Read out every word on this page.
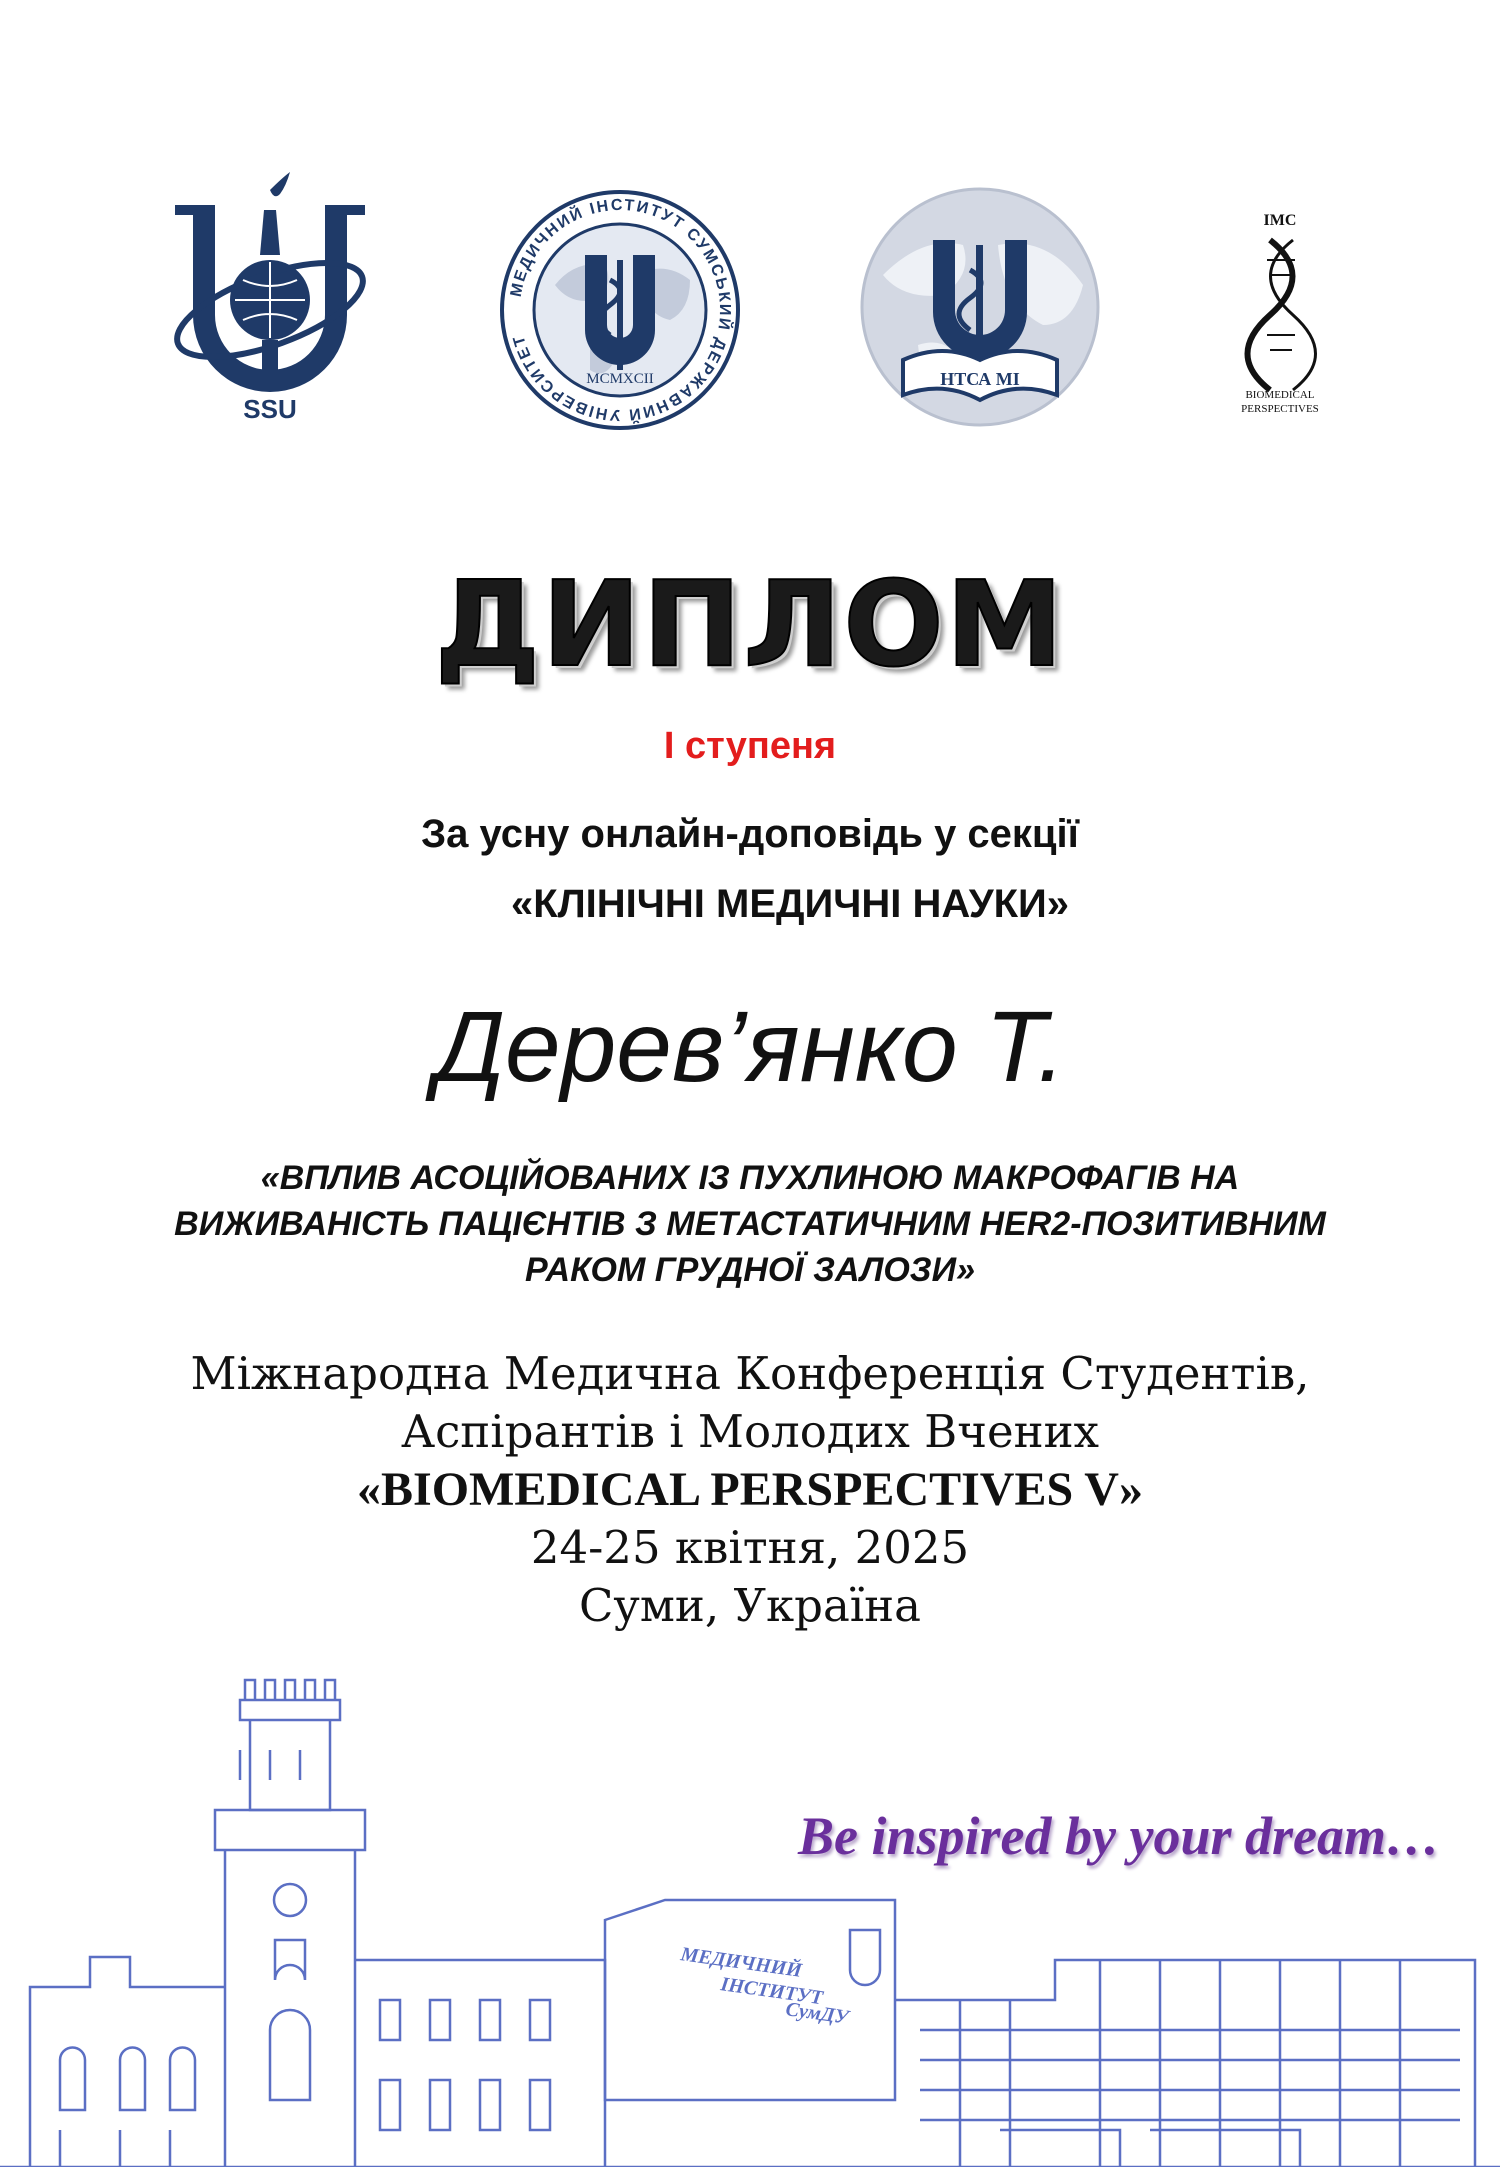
SSU
MCMXCII
МЕДИЧНИЙ ІНСТИТУТ СУМСЬКИЙ ДЕРЖАВНИЙ УНІВЕРСИТЕТ
НТСА МІ
IMC
BIOMEDICAL
PERSPECTIVES
ДИПЛОМ
І ступеня
За усну онлайн-доповідь у секції
«КЛІНІЧНІ МЕДИЧНІ НАУКИ»
Дерев’янко Т.
«ВПЛИВ АСОЦІЙОВАНИХ ІЗ ПУХЛИНОЮ МАКРОФАГІВ НА
ВИЖИВАНІСТЬ ПАЦІЄНТІВ З МЕТАСТАТИЧНИМ HER2-ПОЗИТИВНИМ
РАКОМ ГРУДНОЇ ЗАЛОЗИ»
Міжнародна Медична Конференція Студентів,
Аспірантів і Молодих Вчених
«BIOMEDICAL PERSPECTIVES V»
24-25 квітня, 2025
Суми, Україна
Be inspired by your dream…
МЕДИЧНИЙ
ІНСТИТУТ
СумДУ
